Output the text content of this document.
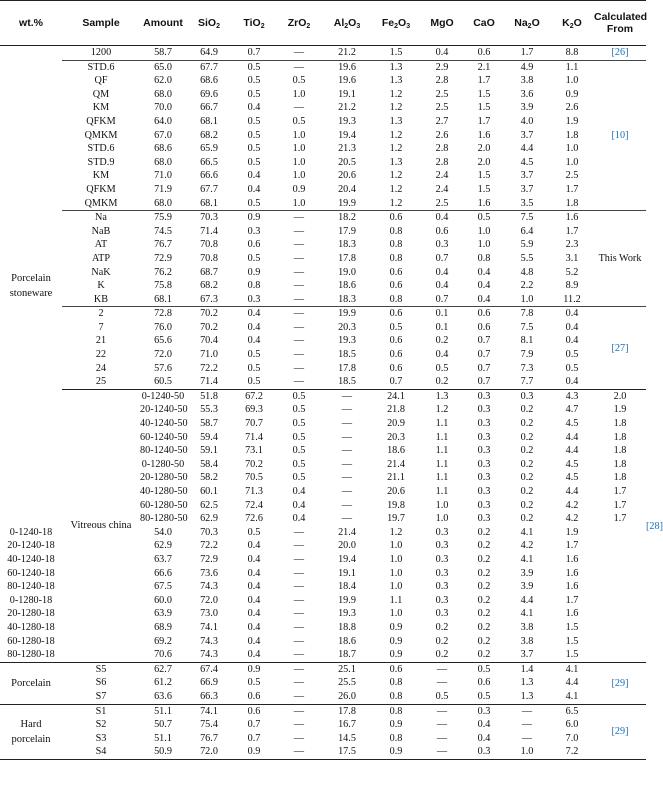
wt.%	Sample	Amount	SiO$_2$	TiO$_2$	ZrO$_2$	$Al_2O_3$	$Fe_2O_3$	MgO	CaO	$Na_2O$	$K_2O$	Calculated
From	
Porcelain stoneware	1200	58.7	64.9	0.7	—	21.2	1.5	0.4	0.6	1.7	8.8	[26]	
	STD.6	65.0	67.7	0.5	—	19.6	1.3	2.9	2.1	4.9	1.1	[10]	
	QF	62.0	68.6	0.5	0.5	19.6	1.3	2.8	1.7	3.8	1.0		
	QM	68.0	69.6	0.5	1.0	19.1	1.2	2.5	1.5	3.6	0.9		
	KM	70.0	66.7	0.4	—	21.2	1.2	2.5	1.5	3.9	2.6		
	QFKM	64.0	68.1	0.5	0.5	19.3	1.3	2.7	1.7	4.0	1.9		
	QMKM	67.0	68.2	0.5	1.0	19.4	1.2	2.6	1.6	3.7	1.8		
	STD.6	68.6	65.9	0.5	1.0	21.3	1.2	2.8	2.0	4.4	1.0		
	STD.9	68.0	66.5	0.5	1.0	20.5	1.3	2.8	2.0	4.5	1.0		
	KM	71.0	66.6	0.4	1.0	20.6	1.2	2.4	1.5	3.7	2.5		
	QFKM	71.9	67.7	0.4	0.9	20.4	1.2	2.4	1.5	3.7	1.7		
	QMKM	68.0	68.1	0.5	1.0	19.9	1.2	2.5	1.6	3.5	1.8		
	Na	75.9	70.3	0.9	—	18.2	0.6	0.4	0.5	7.5	1.6	This Work	
	NaB	74.5	71.4	0.3	—	17.9	0.8	0.6	1.0	6.4	1.7		
	AT	76.7	70.8	0.6	—	18.3	0.8	0.3	1.0	5.9	2.3		
	ATP	72.9	70.8	0.5	—	17.8	0.8	0.7	0.8	5.5	3.1		
	NaK	76.2	68.7	0.9	—	19.0	0.6	0.4	0.4	4.8	5.2		
	K	75.8	68.2	0.8	—	18.6	0.6	0.4	0.4	2.2	8.9		
	KB	68.1	67.3	0.3	—	18.3	0.8	0.7	0.4	1.0	11.2		
	2	72.8	70.2	0.4	—	19.9	0.6	0.1	0.6	7.8	0.4	[27]	
	7	76.0	70.2	0.4	—	20.3	0.5	0.1	0.6	7.5	0.4		
	21	65.6	70.4	0.4	—	19.3	0.6	0.2	0.7	8.1	0.4		
	22	72.0	71.0	0.5	—	18.5	0.6	0.4	0.7	7.9	0.5		
	24	57.6	72.2	0.5	—	17.8	0.6	0.5	0.7	7.3	0.5		
	25	60.5	71.4	0.5	—	18.5	0.7	0.2	0.7	7.7	0.4		
	Vitreous china	0-1240-50	51.8	67.2	0.5	—	24.1	1.3	0.3	0.3	4.3	2.0	[28]
		20-1240-50	55.3	69.3	0.5	—	21.8	1.2	0.3	0.2	4.7	1.9	
		40-1240-50	58.7	70.7	0.5	—	20.9	1.1	0.3	0.2	4.5	1.8	
		60-1240-50	59.4	71.4	0.5	—	20.3	1.1	0.3	0.2	4.4	1.8	
		80-1240-50	59.1	73.1	0.5	—	18.6	1.1	0.3	0.2	4.4	1.8	
		0-1280-50	58.4	70.2	0.5	—	21.4	1.1	0.3	0.2	4.5	1.8	
		20-1280-50	58.2	70.5	0.5	—	21.1	1.1	0.3	0.2	4.5	1.8	
		40-1280-50	60.1	71.3	0.4	—	20.6	1.1	0.3	0.2	4.4	1.7	
		60-1280-50	62.5	72.4	0.4	—	19.8	1.0	0.3	0.2	4.2	1.7	
		80-1280-50	62.9	72.6	0.4	—	19.7	1.0	0.3	0.2	4.2	1.7	
0-1240-18		54.0	70.3	0.5	—	21.4	1.2	0.3	0.2	4.1	1.9		
20-1240-18		62.9	72.2	0.4	—	20.0	1.0	0.3	0.2	4.2	1.7		
40-1240-18		63.7	72.9	0.4	—	19.4	1.0	0.3	0.2	4.1	1.6		
60-1240-18		66.6	73.6	0.4	—	19.1	1.0	0.3	0.2	3.9	1.6		
80-1240-18		67.5	74.3	0.4	—	18.4	1.0	0.3	0.2	3.9	1.6		
0-1280-18		60.0	72.0	0.4	—	19.9	1.1	0.3	0.2	4.4	1.7		
20-1280-18		63.9	73.0	0.4	—	19.3	1.0	0.3	0.2	4.1	1.6		
40-1280-18		68.9	74.1	0.4	—	18.8	0.9	0.2	0.2	3.8	1.5		
60-1280-18		69.2	74.3	0.4	—	18.6	0.9	0.2	0.2	3.8	1.5		
80-1280-18		70.6	74.3	0.4	—	18.7	0.9	0.2	0.2	3.7	1.5		
Porcelain	S5	62.7	67.4	0.9	—	25.1	0.6	—	0.5	1.4	4.1	[29]	
	S6	61.2	66.9	0.5	—	25.5	0.8	—	0.6	1.3	4.4		
	S7	63.6	66.3	0.6	—	26.0	0.8	0.5	0.5	1.3	4.1		
Hard porcelain	S1	51.1	74.1	0.6	—	17.8	0.8	—	0.3	—	6.5	[29]	
	S2	50.7	75.4	0.7	—	16.7	0.9	—	0.4	—	6.0		
	S3	51.1	76.7	0.7	—	14.5	0.8	—	0.4	—	7.0		
	S4	50.9	72.0	0.9	—	17.5	0.9	—	0.3	1.0	7.2		
